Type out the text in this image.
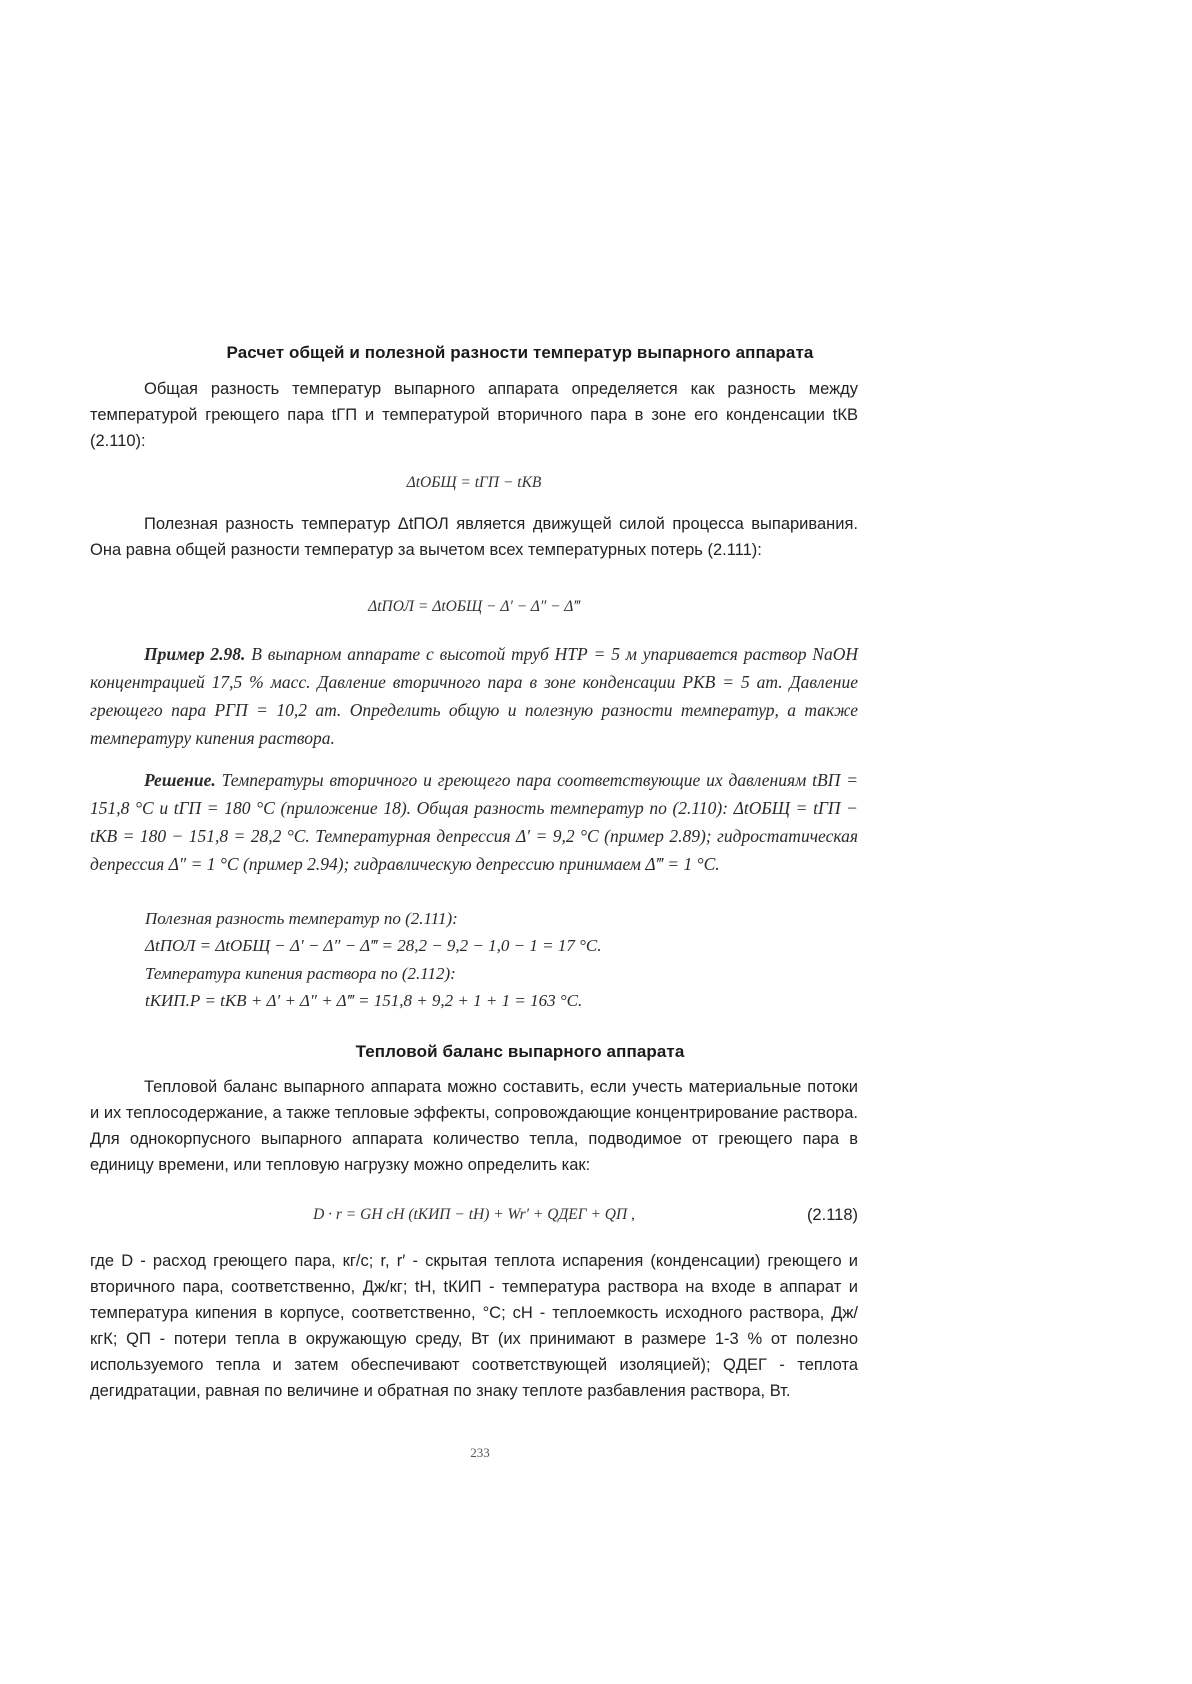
Расчет общей и полезной разности температур выпарного аппарата

Общая разность температур выпарного аппарата определяется как разность между температурой греющего пара tГП и температурой вторичного пара в зоне его конденсации tКВ (2.110):

ΔtОБЩ = tГП − tКВ

Полезная разность температур ΔtПОЛ является движущей силой процесса выпаривания. Она равна общей разности температур за вычетом всех температурных потерь (2.111):

ΔtПОЛ = ΔtОБЩ − Δ′ − Δ″ − Δ‴

Пример 2.98. В выпарном аппарате с высотой труб HТР = 5 м упаривается раствор NaOH концентрацией 17,5 % масс. Давление вторичного пара в зоне конденсации PКВ = 5 ат. Давление греющего пара PГП = 10,2 ат. Определить общую и полезную разности температур, а также температуру кипения раствора.

Решение. Температуры вторичного и греющего пара соответствующие их давлениям tВП = 151,8 °C и tГП = 180 °C (приложение 18). Общая разность температур по (2.110): ΔtОБЩ = tГП − tКВ = 180 − 151,8 = 28,2 °C. Температурная депрессия Δ′ = 9,2 °C (пример 2.89); гидростатическая депрессия Δ″ = 1 °C (пример 2.94); гидравлическую депрессию принимаем Δ‴ = 1 °C.

Полезная разность температур по (2.111):
ΔtПОЛ = ΔtОБЩ − Δ′ − Δ″ − Δ‴ = 28,2 − 9,2 − 1,0 − 1 = 17 °C.
Температура кипения раствора по (2.112):
tКИП.Р = tКВ + Δ′ + Δ″ + Δ‴ = 151,8 + 9,2 + 1 + 1 = 163 °C.
Тепловой баланс выпарного аппарата

Тепловой баланс выпарного аппарата можно составить, если учесть материальные потоки и их теплосодержание, а также тепловые эффекты, сопровождающие концентрирование раствора. Для однокорпусного выпарного аппарата количество тепла, подводимое от греющего пара в единицу времени, или тепловую нагрузку можно определить как:

D · r = GН cН (tКИП − tН) + Wr′ + QДЕГ + QП ,	(2.118)

где D - расход греющего пара, кг/с; r, r′ - скрытая теплота испарения (конденсации) греющего и вторичного пара, соответственно, Дж/кг; tН, tКИП - температура раствора на входе в аппарат и температура кипения в корпусе, соответственно, °C; cН - теплоемкость исходного раствора, Дж/кгК; QП - потери тепла в окружающую среду, Вт (их принимают в размере 1-3 % от полезно используемого тепла и затем обеспечивают соответствующей изоляцией); QДЕГ - теплота дегидратации, равная по величине и обратная по знаку теплоте разбавления раствора, Вт.

233
